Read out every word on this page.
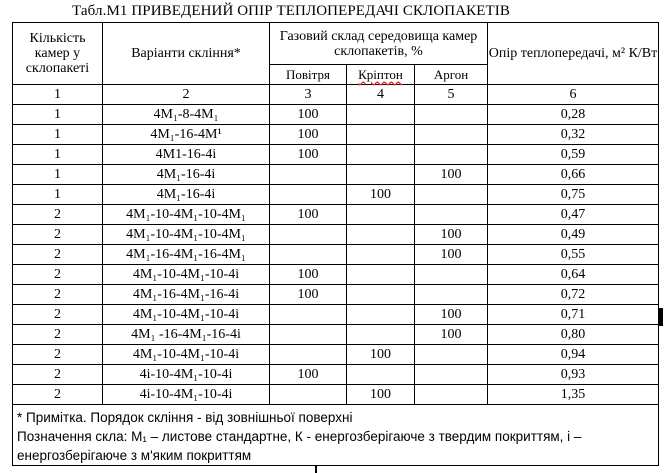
Табл.М1 ПРИВЕДЕНИЙ ОПІР ТЕПЛОПЕРЕДАЧІ СКЛОПАКЕТІВ
Кількість камер у склопакеті	Варіанти скління*	Газовий склад середовища камер склопакетів, %			Опір теплопередачі, м² К/Вт
		Повітря	Кріптон	Аргон	
1	2	3	4	5	6
1	4М₁-8-4М₁	100			0,28
1	4М₁-16-4М¹	100			0,32
1	4М1-16-4і	100			0,59
1	4М₁-16-4і			100	0,66
1	4М₁-16-4і		100		0,75
2	4М₁-10-4М₁-10-4М₁	100			0,47
2	4М₁-10-4М₁-10-4М₁			100	0,49
2	4М₁-16-4М₁-16-4М₁			100	0,55
2	4М₁-10-4М₁-10-4і	100			0,64
2	4М₁-16-4М₁-16-4і	100			0,72
2	4М₁-10-4М₁-10-4і			100	0,71
2	4М₁ -16-4М₁-16-4і			100	0,80
2	4М₁-10-4М₁-10-4і		100		0,94
2	4і-10-4М₁-10-4і	100			0,93
2	4і-10-4М₁-10-4і		100		1,35

* Примітка. Порядок скління - від зовнішньої поверхні
Позначення скла: М₁ – листове стандартне, К - енергозберігаюче з твердим покриттям, і – енергозберігаюче з м'яким покриттям					
